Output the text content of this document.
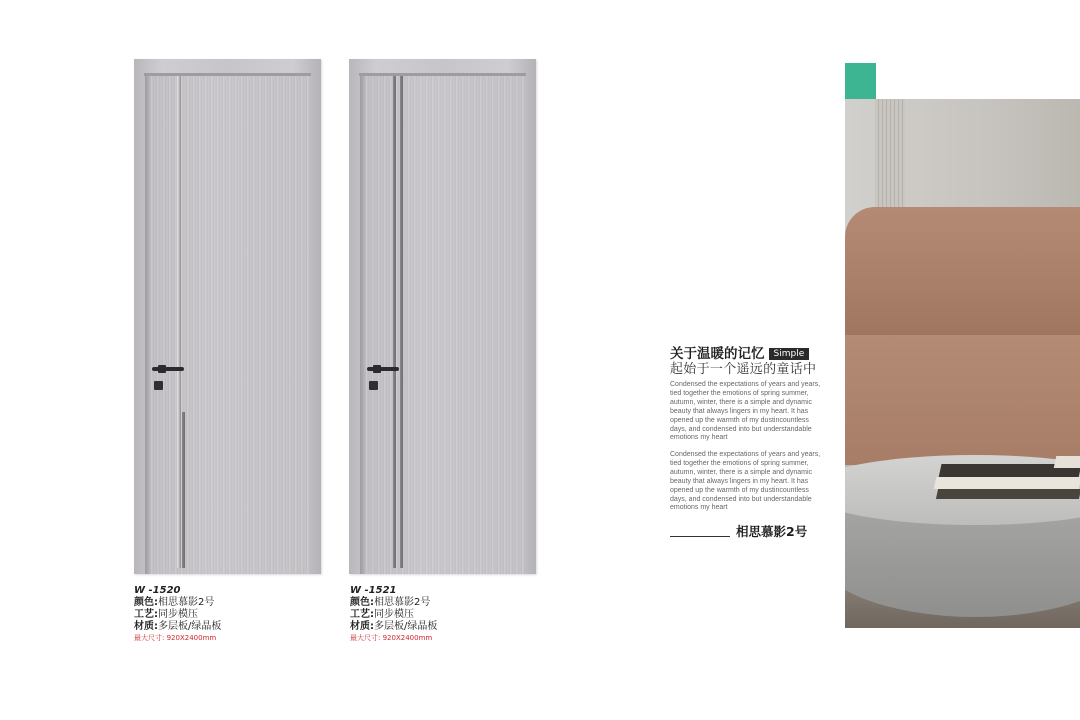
W -1520
颜色:相思慕影2号
工艺:同步模压
材质:多层板/绿晶板
最大尺寸: 920X2400mm
W -1521
颜色:相思慕影2号
工艺:同步模压
材质:多层板/绿晶板
最大尺寸: 920X2400mm
关于温暖的记忆 Simple
起始于一个遥远的童话中
Condensed the expectations of years and years, tied together the emotions of spring summer, autumn, winter, there is a simple and dynamic beauty that always lingers in my heart. It has opened up the warmth of my dustincountless days, and condensed into but understandable emotions my heart
Condensed the expectations of years and years, tied together the emotions of spring summer, autumn, winter, there is a simple and dynamic beauty that always lingers in my heart. It has opened up the warmth of my dustincountless days, and condensed into but understandable emotions my heart
相思慕影2号
